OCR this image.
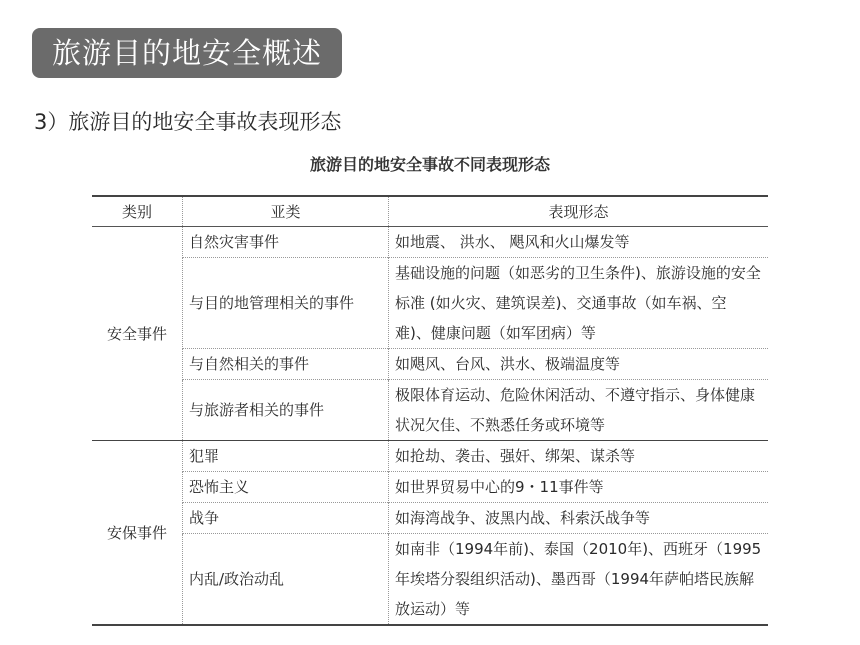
旅游目的地安全概述
3）旅游目的地安全事故表现形态
旅游目的地安全事故不同表现形态
类别	亚类	表现形态
安全事件	自然灾害事件	如地震、 洪水、 飓风和火山爆发等
	与目的地管理相关的事件	基础设施的问题（如恶劣的卫生条件)、旅游设施的安全标准 (如火灾、建筑误差)、交通事故（如车祸、空难)、健康问题（如军团病）等
	与自然相关的事件	如飓风、台风、洪水、极端温度等
	与旅游者相关的事件	极限体育运动、危险休闲活动、不遵守指示、身体健康状况欠佳、不熟悉任务或环境等
安保事件	犯罪	如抢劫、袭击、强奸、绑架、谋杀等
	恐怖主义	如世界贸易中心的9・11事件等
	战争	如海湾战争、波黑内战、科索沃战争等
	内乱/政治动乱	如南非（1994年前)、泰国（2010年)、西班牙（1995年埃塔分裂组织活动)、墨西哥（1994年萨帕塔民族解放运动）等
